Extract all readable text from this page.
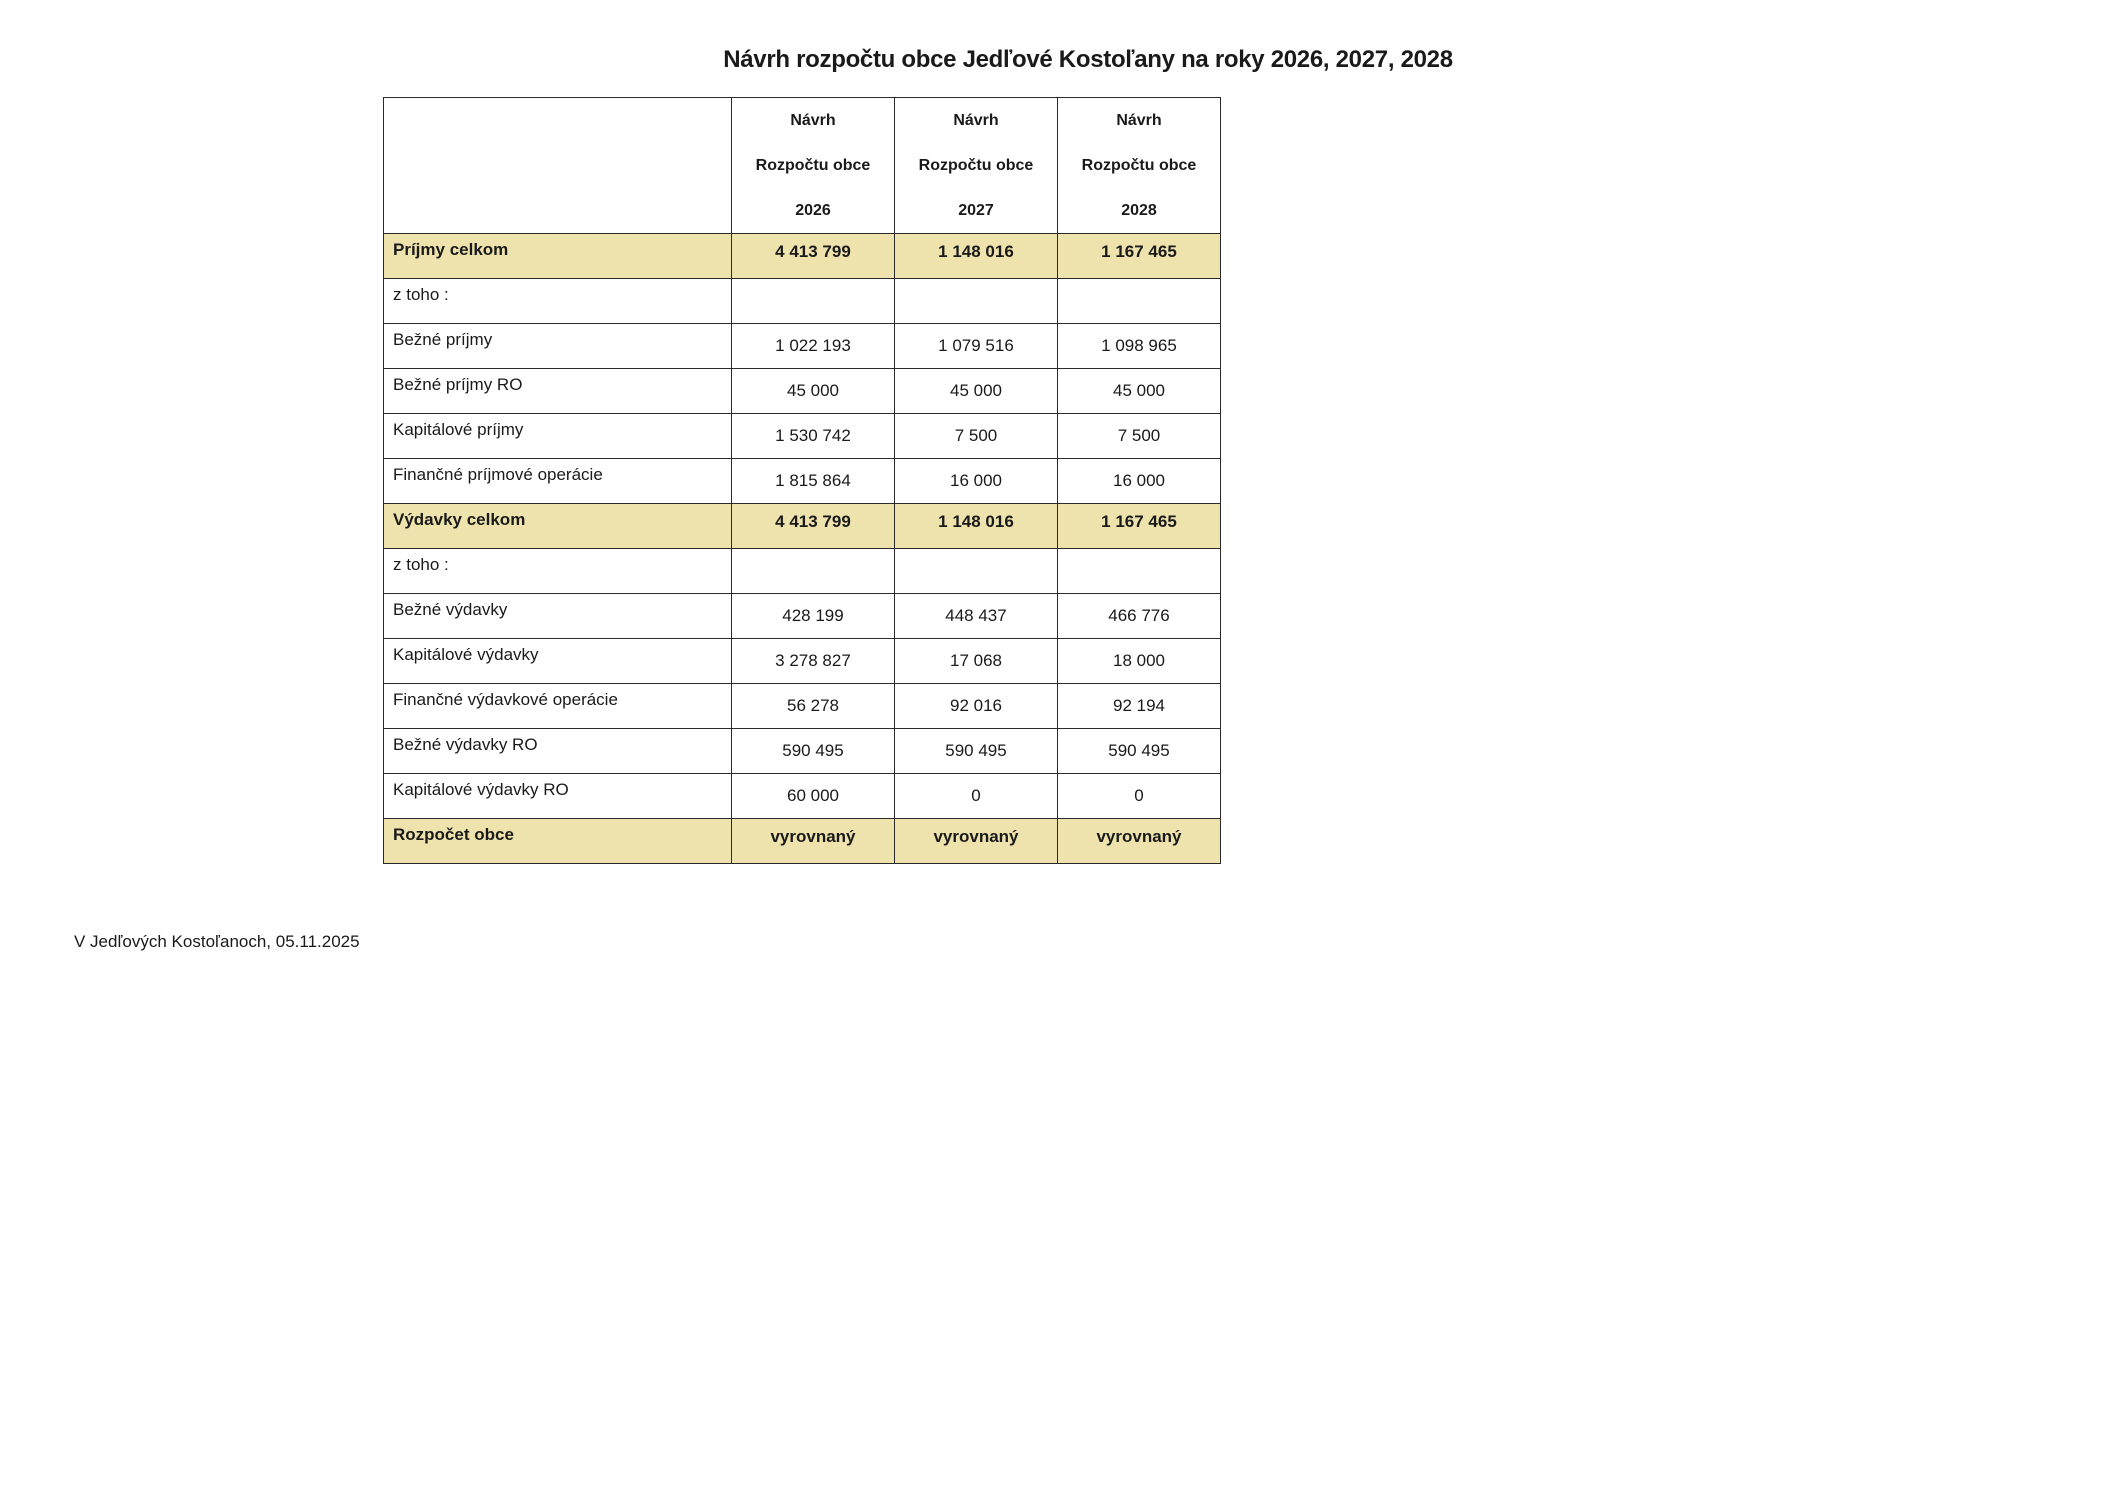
Návrh rozpočtu obce Jedľové Kostoľany na roky 2026, 2027, 2028

	Návrh
Rozpočtu obce
2026	Návrh
Rozpočtu obce
2027	Návrh
Rozpočtu obce
2028

Príjmy celkom	4 413 799	1 148 016	1 167 465
z toho :			
Bežné príjmy	1 022 193	1 079 516	1 098 965
Bežné príjmy RO	45 000	45 000	45 000
Kapitálové príjmy	1 530 742	7 500	7 500
Finančné príjmové operácie	1 815 864	16 000	16 000
Výdavky celkom	4 413 799	1 148 016	1 167 465
z toho :			
Bežné výdavky	428 199	448 437	466 776
Kapitálové výdavky	3 278 827	17 068	18 000
Finančné výdavkové operácie	56 278	92 016	92 194
Bežné výdavky RO	590 495	590 495	590 495
Kapitálové výdavky RO	60 000	0	0
Rozpočet obce	vyrovnaný	vyrovnaný	vyrovnaný
V Jedľových Kostoľanoch, 05.11.2025
